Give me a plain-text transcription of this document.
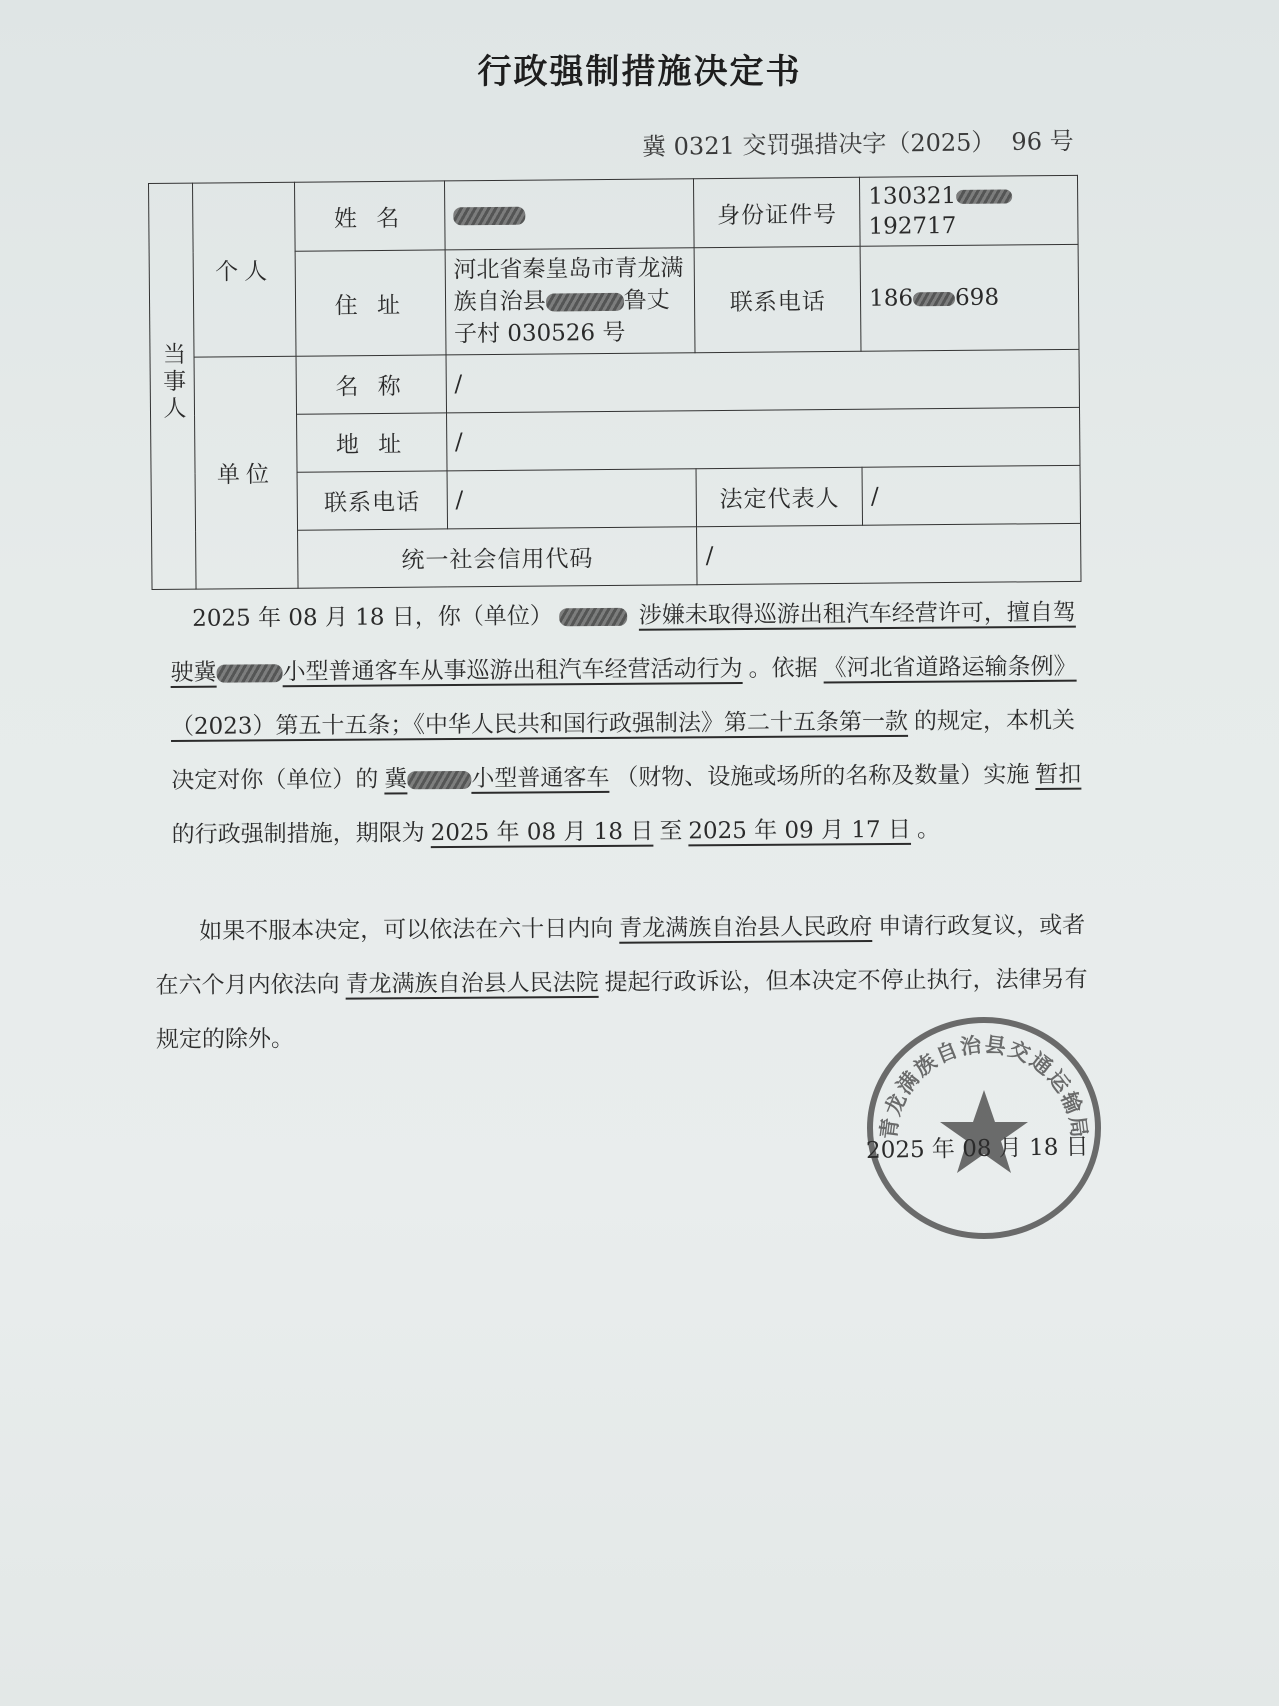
行政强制措施决定书
冀 0321 交罚强措决字（2025） 96 号
当事人	个人	姓 名		身份证件号	130321192717
		住 址	河北省秦皇岛市青龙满族自治县 鲁丈子村 030526 号	联系电话	186 698
	单位	名 称	/		
		地 址	/		
		联系电话	/	法定代表人	/
		统一社会信用代码		/	

2025 年 08 月 18 日，你（单位）	涉嫌未取得巡游出租汽车经营许可，擅自驾驶冀	小型普通客车从事巡游出租汽车经营活动行为 。依据 《河北省道路运输条例》（2023）第五十五条；《中华人民共和国行政强制法》第二十五条第一款 的规定，本机关决定对你（单位）的 冀	小型普通客车 （财物、设施或场所的名称及数量）实施 暂扣的行政强制措施，期限为 2025 年 08 月 18 日 至 2025 年 09 月 17 日 。

如果不服本决定，可以依法在六十日内向 青龙满族自治县人民政府 申请行政复议，或者在六个月内依法向 青龙满族自治县人民法院 提起行政诉讼，但本决定不停止执行，法律另有规定的除外。

青龙满族自治县交通运输局
2025 年 08 月 18 日
